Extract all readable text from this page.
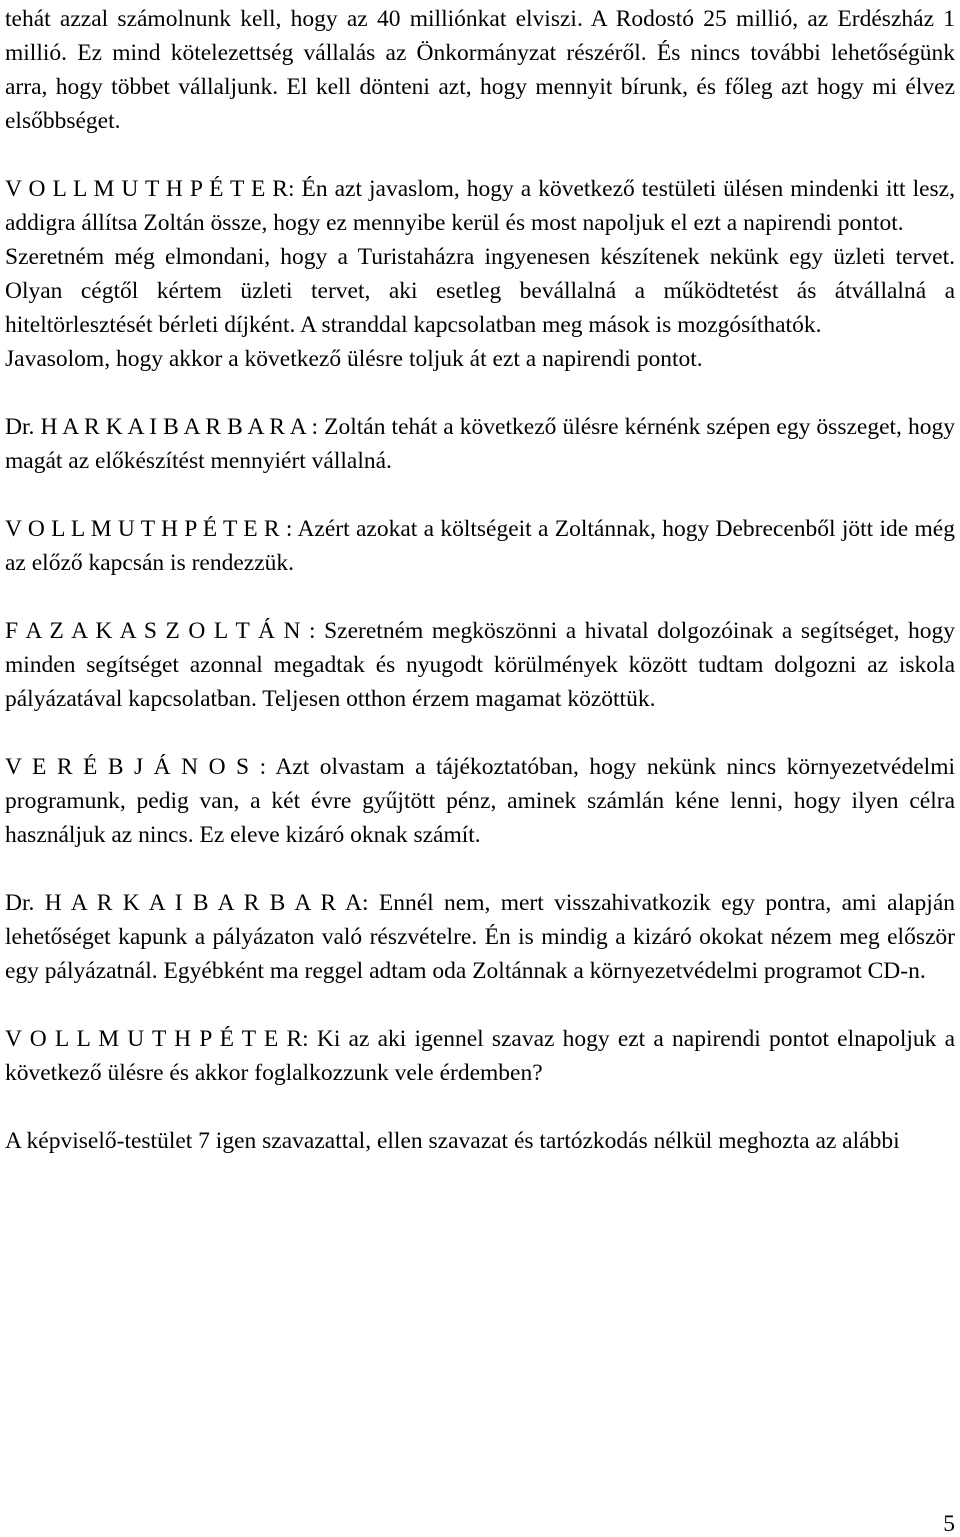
tehát azzal számolnunk kell, hogy az 40 milliónkat elviszi. A Rodostó 25 millió, az Erdészház 1 millió. Ez mind kötelezettség vállalás az Önkormányzat részéről. És nincs további lehetőségünk arra, hogy többet vállaljunk. El kell dönteni azt, hogy mennyit bírunk, és főleg azt hogy mi élvez elsőbbséget.

V O L L M U T H P É T E R: Én azt javaslom, hogy a következő testületi ülésen mindenki itt lesz, addigra állítsa Zoltán össze, hogy ez mennyibe kerül és most napoljuk el ezt a napirendi pontot.

Szeretném még elmondani, hogy a Turistaházra ingyenesen készítenek nekünk egy üzleti tervet. Olyan cégtől kértem üzleti tervet, aki esetleg bevállalná a működtetést ás átvállalná a hiteltörlesztését bérleti díjként. A stranddal kapcsolatban meg mások is mozgósíthatók.

Javasolom, hogy akkor a következő ülésre toljuk át ezt a napirendi pontot.

Dr. H A R K A I B A R B A R A : Zoltán tehát a következő ülésre kérnénk szépen egy összeget, hogy magát az előkészítést mennyiért vállalná.

V O L L M U T H P É T E R : Azért azokat a költségeit a Zoltánnak, hogy Debrecenből jött ide még az előző kapcsán is rendezzük.

F A Z A K A S Z O L T Á N : Szeretném megköszönni a hivatal dolgozóinak a segítséget, hogy minden segítséget azonnal megadtak és nyugodt körülmények között tudtam dolgozni az iskola pályázatával kapcsolatban. Teljesen otthon érzem magamat közöttük.

V E R É B J Á N O S : Azt olvastam a tájékoztatóban, hogy nekünk nincs környezetvédelmi programunk, pedig van, a két évre gyűjtött pénz, aminek számlán kéne lenni, hogy ilyen célra használjuk az nincs. Ez eleve kizáró oknak számít.

Dr. H A R K A I B A R B A R A: Ennél nem, mert visszahivatkozik egy pontra, ami alapján lehetőséget kapunk a pályázaton való részvételre. Én is mindig a kizáró okokat nézem meg először egy pályázatnál. Egyébként ma reggel adtam oda Zoltánnak a környezetvédelmi programot CD-n.

V O L L M U T H P É T E R: Ki az aki igennel szavaz hogy ezt a napirendi pontot elnapoljuk a következő ülésre és akkor foglalkozzunk vele érdemben?

A képviselő-testület 7 igen szavazattal, ellen szavazat és tartózkodás nélkül meghozta az alábbi

5
